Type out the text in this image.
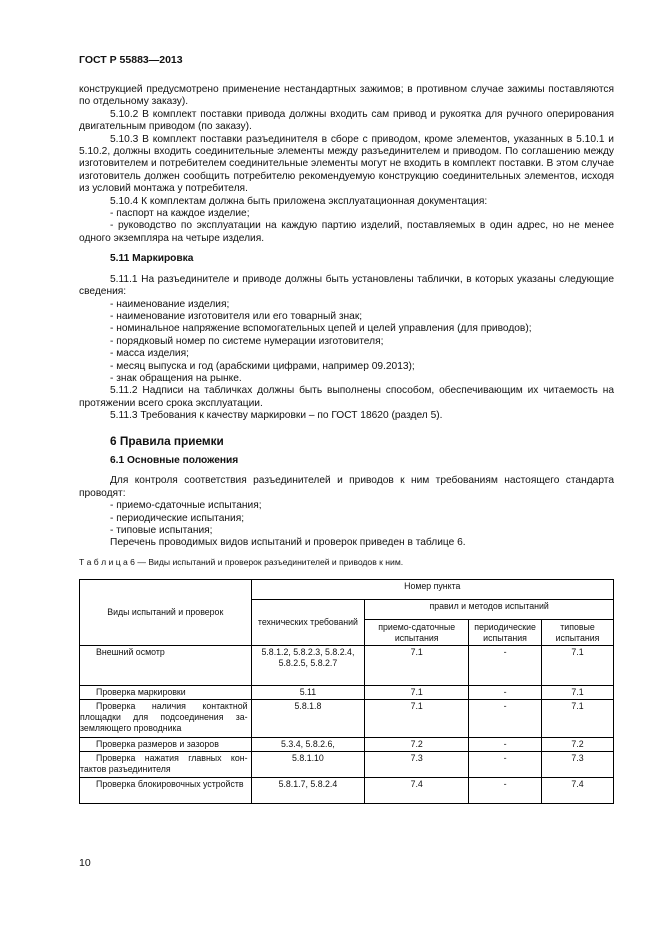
ГОСТ Р 55883—2013

конструкцией предусмотрено применение нестандартных зажимов; в противном случае зажимы поставляются по отдельному заказу).

5.10.2 В комплект поставки привода должны входить сам привод и рукоятка для ручного оперирования двигательным приводом (по заказу).

5.10.3 В комплект поставки разъединителя в сборе с приводом, кроме элементов, указанных в 5.10.1 и 5.10.2, должны входить соединительные элементы между разъединителем и приводом. По соглашению между изготовителем и потребителем соединительные элементы могут не входить в комплект поставки. В этом случае изготовитель должен сообщить потребителю рекомендуемую конструкцию соединительных элементов, исходя из условий монтажа у потребителя.

5.10.4 К комплектам должна быть приложена эксплуатационная документация:

- паспорт на каждое изделие;

- руководство по эксплуатации на каждую партию изделий, поставляемых в один адрес, но не менее одного экземпляра на четыре изделия.

5.11 Маркировка

5.11.1 На разъединителе и приводе должны быть установлены таблички, в которых указаны следующие сведения:

- наименование изделия;

- наименование изготовителя или его товарный знак;

- номинальное напряжение вспомогательных цепей и целей управления (для приводов);

- порядковый номер по системе нумерации изготовителя;

- масса изделия;

- месяц выпуска и год (арабскими цифрами, например 09.2013);

- знак обращения на рынке.

5.11.2 Надписи на табличках должны быть выполнены способом, обеспечивающим их читаемость на протяжении всего срока эксплуатации.

5.11.3 Требования к качеству маркировки – по ГОСТ 18620 (раздел 5).

6 Правила приемки
6.1 Основные положения

Для контроля соответствия разъединителей и приводов к ним требованиям настоящего стандарта проводят:

- приемо-сдаточные испытания;

- периодические испытания;

- типовые испытания;

Перечень проводимых видов испытаний и проверок приведен в таблице 6.

Т а б л и ц а 6 — Виды испытаний и проверок разъединителей и приводов к ним.
Виды испытаний и проверок	Номер пункта			
	технических требований	правил и методов испытаний		
		приемо-сдаточные испытания	периодические испытания	типовые испытания

Внешний осмотр	5.8.1.2, 5.8.2.3, 5.8.2.4, 5.8.2.5, 5.8.2.7	7.1	-	7.1

Проверка маркировки	5.11	7.1	-	7.1

Проверка наличия контактной площадки для подсоединения заземляющего проводника	5.8.1.8	7.1	-	7.1

Проверка размеров и зазоров	5.3.4, 5.8.2.6,	7.2	-	7.2

Проверка нажатия главных контактов разъединителя	5.8.1.10	7.3	-	7.3

Проверка блокировочных устройств	5.8.1.7, 5.8.2.4	7.4	-	7.4
10
